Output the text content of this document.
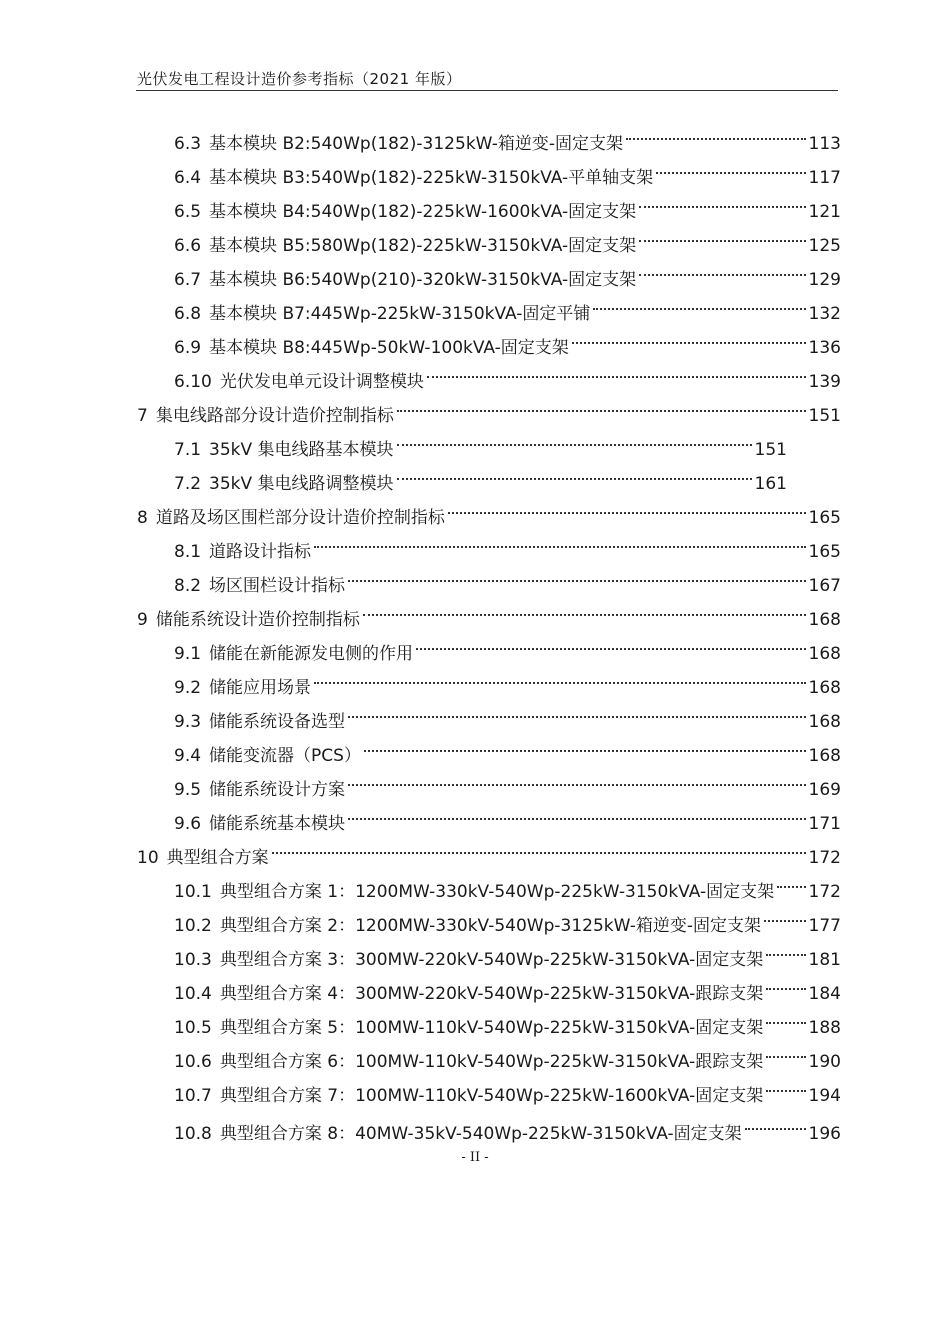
光伏发电工程设计造价参考指标（2021 年版）
6.3 基本模块 B2:540Wp(182)-3125kW-箱逆变-固定支架	113
6.4 基本模块 B3:540Wp(182)-225kW-3150kVA-平单轴支架	117
6.5 基本模块 B4:540Wp(182)-225kW-1600kVA-固定支架	121
6.6 基本模块 B5:580Wp(182)-225kW-3150kVA-固定支架	125
6.7 基本模块 B6:540Wp(210)-320kW-3150kVA-固定支架	129
6.8 基本模块 B7:445Wp-225kW-3150kVA-固定平铺	132
6.9 基本模块 B8:445Wp-50kW-100kVA-固定支架	136
6.10 光伏发电单元设计调整模块	139
7 集电线路部分设计造价控制指标	151
7.1 35kV 集电线路基本模块	151
7.2 35kV 集电线路调整模块	161
8 道路及场区围栏部分设计造价控制指标	165
8.1 道路设计指标	165
8.2 场区围栏设计指标	167
9 储能系统设计造价控制指标	168
9.1 储能在新能源发电侧的作用	168
9.2 储能应用场景	168
9.3 储能系统设备选型	168
9.4 储能变流器（PCS）	168
9.5 储能系统设计方案	169
9.6 储能系统基本模块	171
10 典型组合方案	172
10.1 典型组合方案 1：1200MW-330kV-540Wp-225kW-3150kVA-固定支架 172
10.2 典型组合方案 2：1200MW-330kV-540Wp-3125kW-箱逆变-固定支架	177
10.3 典型组合方案 3：300MW-220kV-540Wp-225kW-3150kVA-固定支架	181
10.4 典型组合方案 4：300MW-220kV-540Wp-225kW-3150kVA-跟踪支架	184
10.5 典型组合方案 5：100MW-110kV-540Wp-225kW-3150kVA-固定支架	188
10.6 典型组合方案 6：100MW-110kV-540Wp-225kW-3150kVA-跟踪支架	190
10.7 典型组合方案 7：100MW-110kV-540Wp-225kW-1600kVA-固定支架	194
10.8 典型组合方案 8：40MW-35kV-540Wp-225kW-3150kVA-固定支架	196
- II -
